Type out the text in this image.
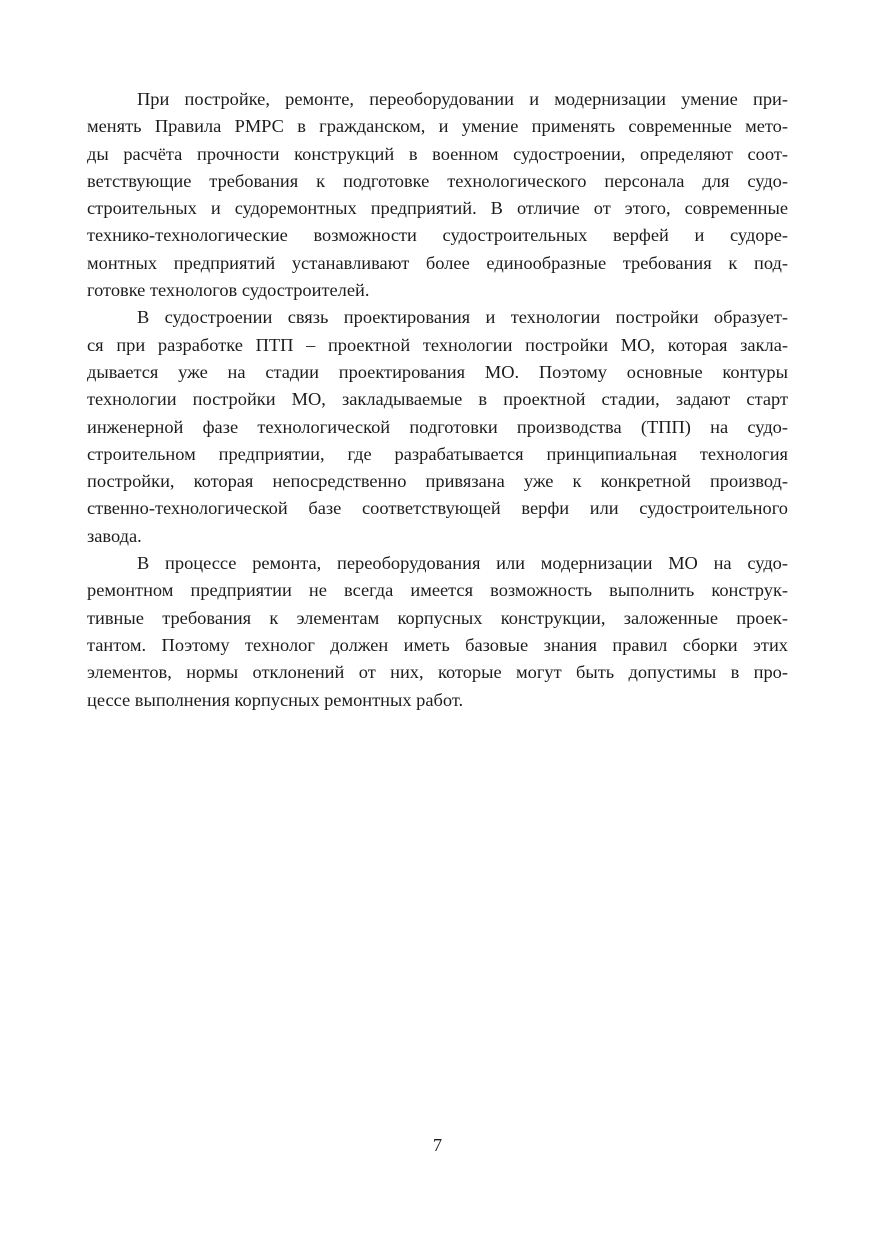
При постройке, ремонте, переоборудовании и модернизации умение при-
менять Правила РМРС в гражданском, и умение применять современные мето-
ды расчёта прочности конструкций в военном судостроении, определяют соот-
ветствующие требования к подготовке технологического персонала для судо-
строительных и судоремонтных предприятий. В отличие от этого, современные
технико-технологические возможности судостроительных верфей и судоре-
монтных предприятий устанавливают более единообразные требования к под-
готовке технологов судостроителей.
В судостроении связь проектирования и технологии постройки образует-
ся при разработке ПТП – проектной технологии постройки МО, которая закла-
дывается уже на стадии проектирования МО. Поэтому основные контуры
технологии постройки МО, закладываемые в проектной стадии, задают старт
инженерной фазе технологической подготовки производства (ТПП) на судо-
строительном предприятии, где разрабатывается принципиальная технология
постройки, которая непосредственно привязана уже к конкретной производ-
ственно-технологической базе соответствующей верфи или судостроительного
завода.
В процессе ремонта, переоборудования или модернизации МО на судо-
ремонтном предприятии не всегда имеется возможность выполнить конструк-
тивные требования к элементам корпусных конструкции, заложенные проек-
тантом. Поэтому технолог должен иметь базовые знания правил сборки этих
элементов, нормы отклонений от них, которые могут быть допустимы в про-
цессе выполнения корпусных ремонтных работ.
7
